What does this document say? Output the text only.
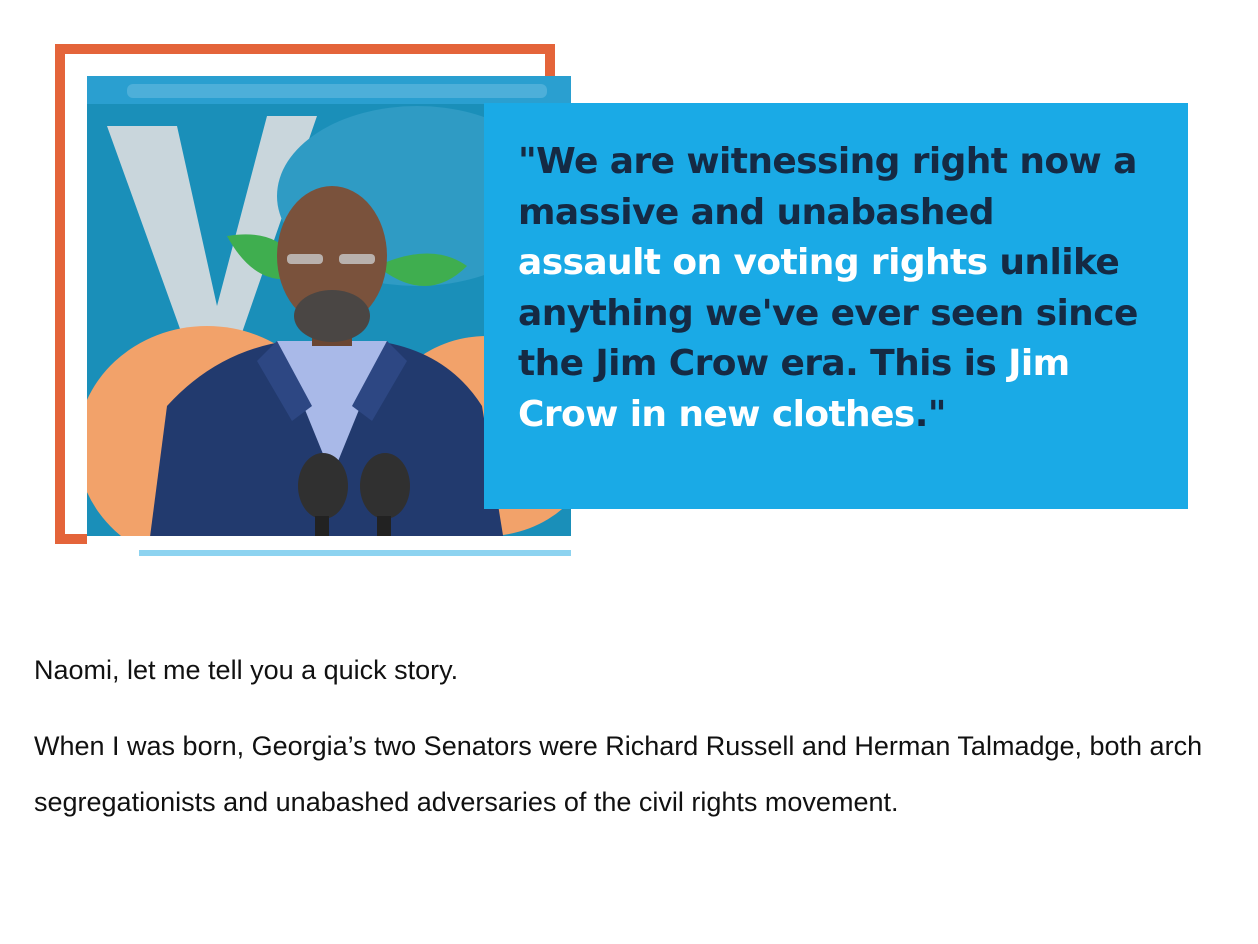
"We are witnessing right now a massive and unabashed assault on voting rights unlike anything we've ever seen since the Jim Crow era. This is Jim Crow in new clothes."

Naomi, let me tell you a quick story.

When I was born, Georgia’s two Senators were Richard Russell and Herman Talmadge, both arch segregationists and unabashed adversaries of the civil rights movement.
